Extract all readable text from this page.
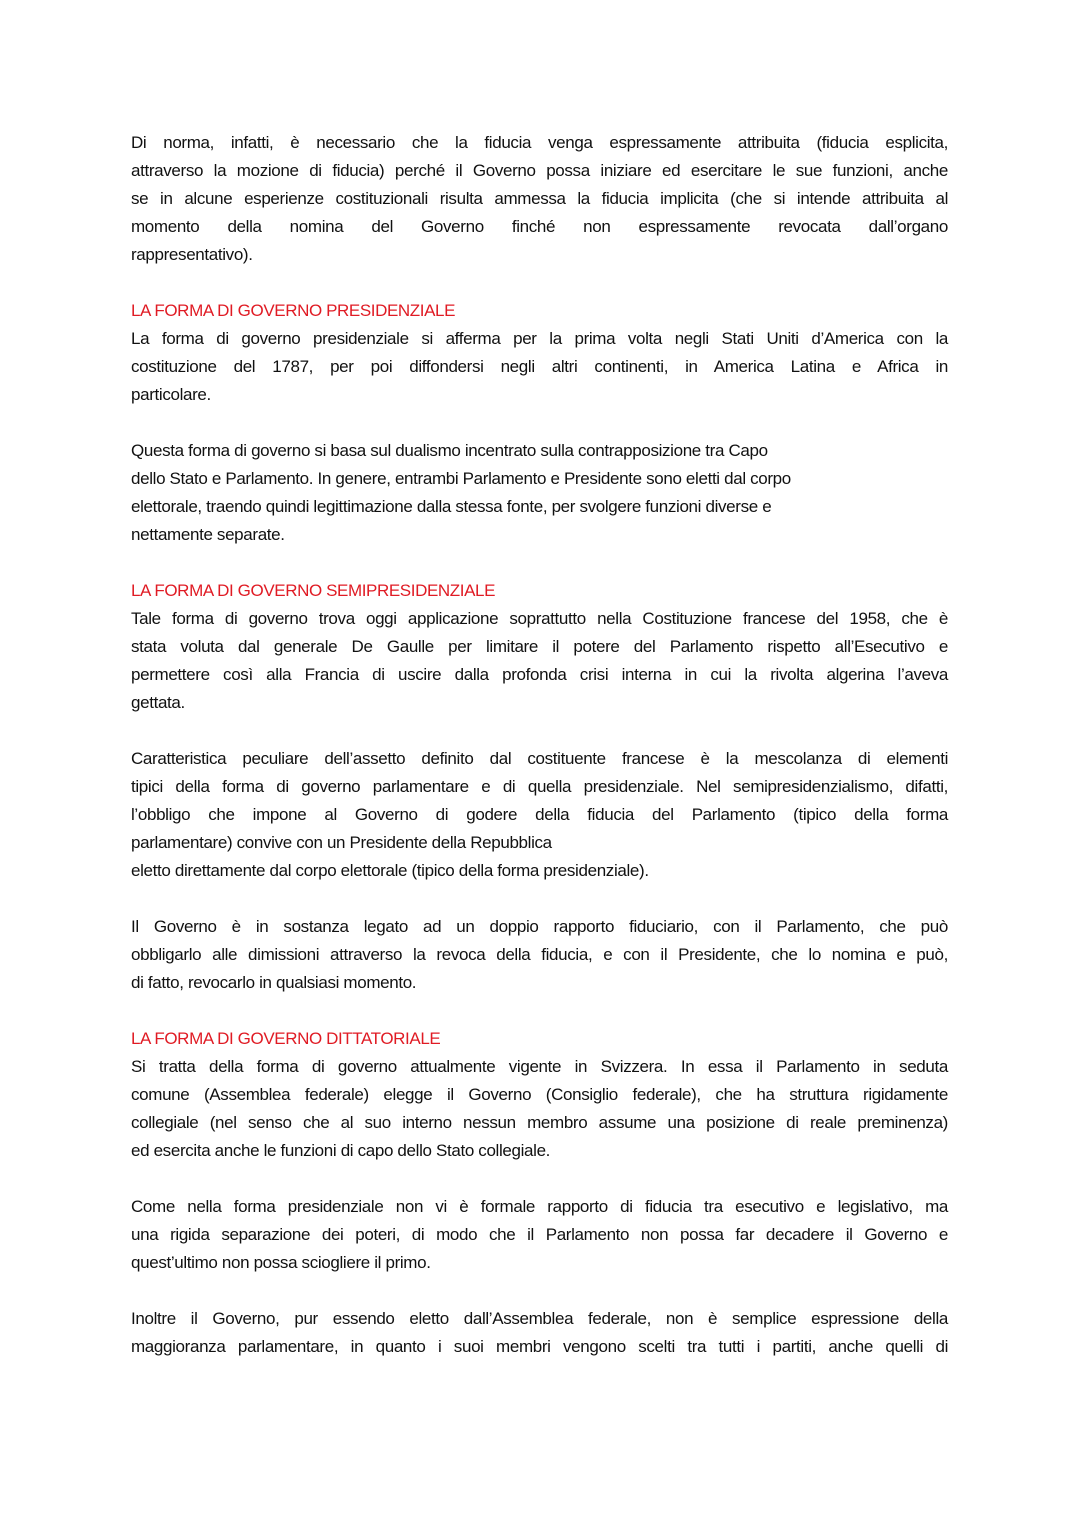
Di norma, infatti, è necessario che la fiducia venga espressamente attribuita (fiducia esplicita,
attraverso la mozione di fiducia) perché il Governo possa iniziare ed esercitare le sue funzioni, anche
se in alcune esperienze costituzionali risulta ammessa la fiducia implicita (che si intende attribuita al
momento della nomina del Governo finché non espressamente revocata dall’organo
rappresentativo).
LA FORMA DI GOVERNO PRESIDENZIALE
La forma di governo presidenziale si afferma per la prima volta negli Stati Uniti d’America con la
costituzione del 1787, per poi diffondersi negli altri continenti, in America Latina e Africa in
particolare.
Questa forma di governo si basa sul dualismo incentrato sulla contrapposizione tra Capo
dello Stato e Parlamento. In genere, entrambi Parlamento e Presidente sono eletti dal corpo
elettorale, traendo quindi legittimazione dalla stessa fonte, per svolgere funzioni diverse e
nettamente separate.
LA FORMA DI GOVERNO SEMIPRESIDENZIALE
Tale forma di governo trova oggi applicazione soprattutto nella Costituzione francese del 1958, che è
stata voluta dal generale De Gaulle per limitare il potere del Parlamento rispetto all’Esecutivo e
permettere così alla Francia di uscire dalla profonda crisi interna in cui la rivolta algerina l’aveva
gettata.
Caratteristica peculiare dell’assetto definito dal costituente francese è la mescolanza di elementi
tipici della forma di governo parlamentare e di quella presidenziale. Nel semipresidenzialismo, difatti,
l’obbligo che impone al Governo di godere della fiducia del Parlamento (tipico della forma
parlamentare) convive con un Presidente della Repubblica
eletto direttamente dal corpo elettorale (tipico della forma presidenziale).
Il Governo è in sostanza legato ad un doppio rapporto fiduciario, con il Parlamento, che può
obbligarlo alle dimissioni attraverso la revoca della fiducia, e con il Presidente, che lo nomina e può,
di fatto, revocarlo in qualsiasi momento.
LA FORMA DI GOVERNO DITTATORIALE
Si tratta della forma di governo attualmente vigente in Svizzera. In essa il Parlamento in seduta
comune (Assemblea federale) elegge il Governo (Consiglio federale), che ha struttura rigidamente
collegiale (nel senso che al suo interno nessun membro assume una posizione di reale preminenza)
ed esercita anche le funzioni di capo dello Stato collegiale.
Come nella forma presidenziale non vi è formale rapporto di fiducia tra esecutivo e legislativo, ma
una rigida separazione dei poteri, di modo che il Parlamento non possa far decadere il Governo e
quest’ultimo non possa sciogliere il primo.
Inoltre il Governo, pur essendo eletto dall’Assemblea federale, non è semplice espressione della
maggioranza parlamentare, in quanto i suoi membri vengono scelti tra tutti i partiti, anche quelli di
